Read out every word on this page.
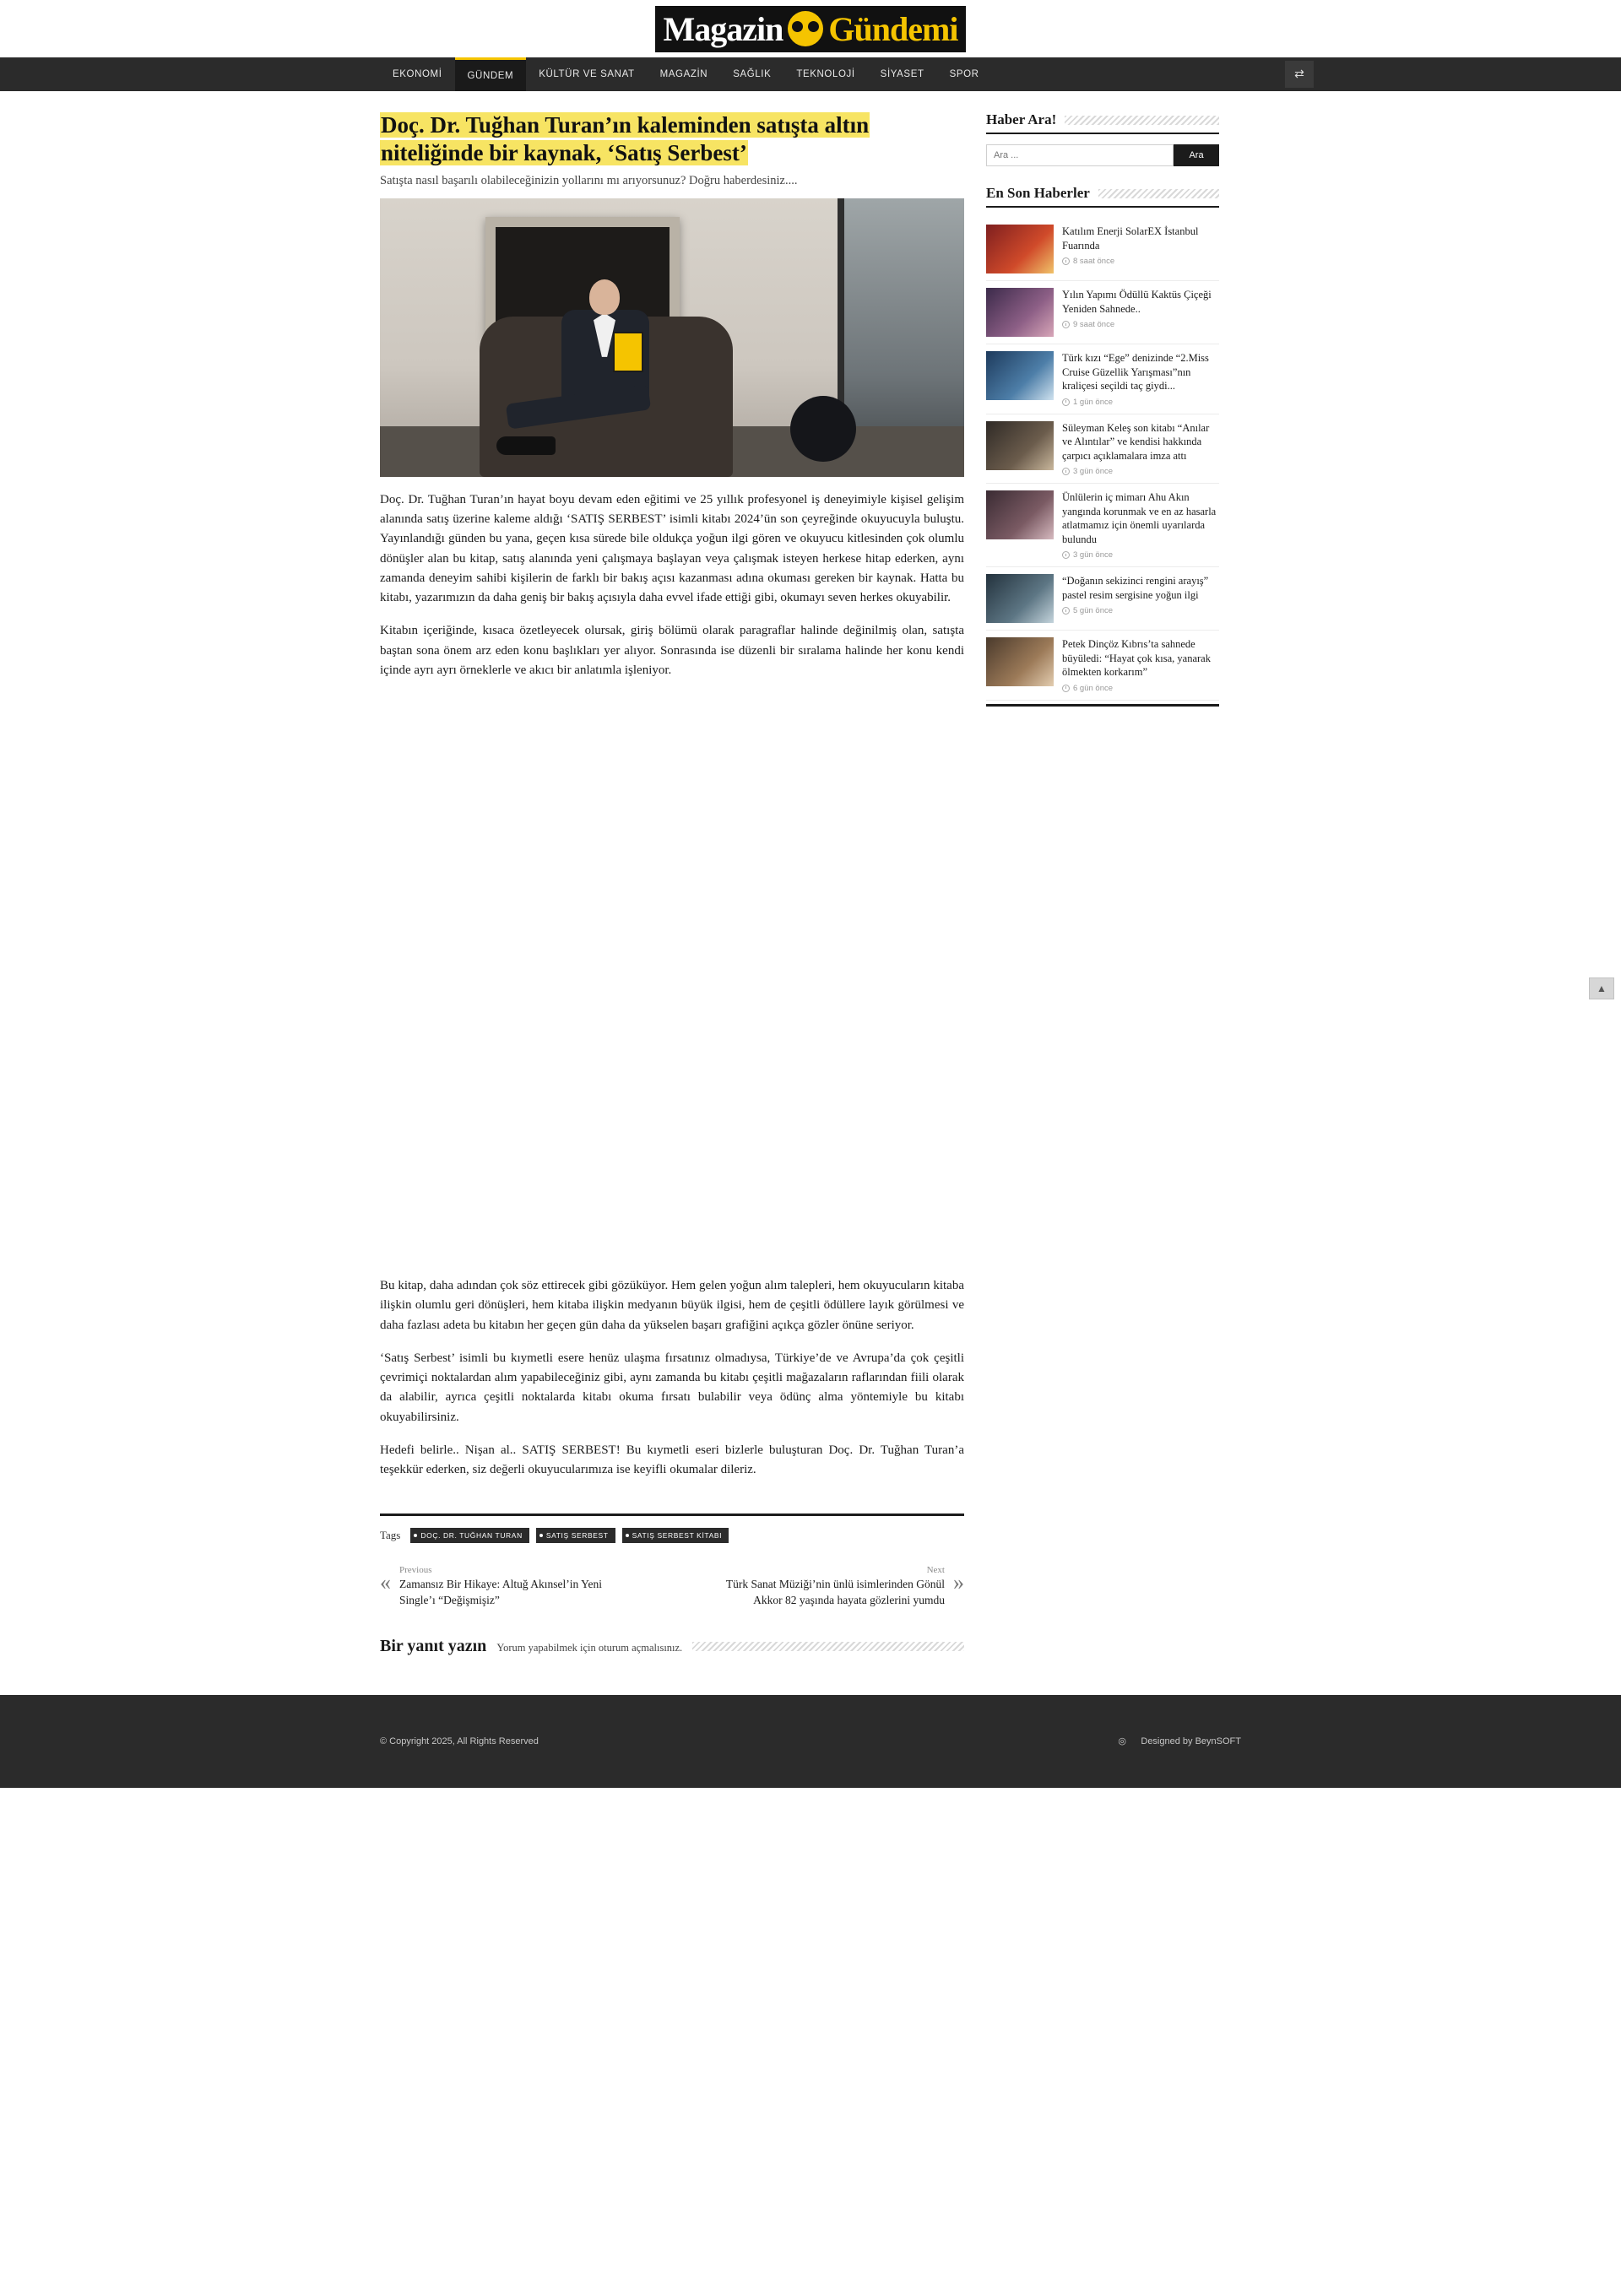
Magazin Gündemi
EKONOMİ	GÜNDEM	KÜLTÜR VE SANAT	MAGAZİN	SAĞLIK	TEKNOLOJİ	SİYASET	SPOR	⇄
Doç. Dr. Tuğhan Turan’ın kaleminden satışta altın
niteliğinde bir kaynak, ‘Satış Serbest’

Satışta nasıl başarılı olabileceğinizin yollarını mı arıyorsunuz? Doğru haberdesiniz....

Doç. Dr. Tuğhan Turan’ın hayat boyu devam eden eğitimi ve 25 yıllık profesyonel iş deneyimiyle kişisel gelişim alanında satış üzerine kaleme aldığı ‘SATIŞ SERBEST’ isimli kitabı 2024’ün son çeyreğinde okuyucuyla buluştu. Yayınlandığı günden bu yana, geçen kısa sürede bile oldukça yoğun ilgi gören ve okuyucu kitlesinden çok olumlu dönüşler alan bu kitap, satış alanında yeni çalışmaya başlayan veya çalışmak isteyen herkese hitap ederken, aynı zamanda deneyim sahibi kişilerin de farklı bir bakış açısı kazanması adına okuması gereken bir kaynak. Hatta bu kitabı, yazarımızın da daha geniş bir bakış açısıyla daha evvel ifade ettiği gibi, okumayı seven herkes okuyabilir.

Kitabın içeriğinde, kısaca özetleyecek olursak, giriş bölümü olarak paragraflar halinde değinilmiş olan, satışta baştan sona önem arz eden konu başlıkları yer alıyor. Sonrasında ise düzenli bir sıralama halinde her konu kendi içinde ayrı ayrı örneklerle ve akıcı bir anlatımla işleniyor.

Bu kitap, daha adından çok söz ettirecek gibi gözüküyor. Hem gelen yoğun alım talepleri, hem okuyucuların kitaba ilişkin olumlu geri dönüşleri, hem kitaba ilişkin medyanın büyük ilgisi, hem de çeşitli ödüllere layık görülmesi ve daha fazlası adeta bu kitabın her geçen gün daha da yükselen başarı grafiğini açıkça gözler önüne seriyor.

‘Satış Serbest’ isimli bu kıymetli esere henüz ulaşma fırsatınız olmadıysa, Türkiye’de ve Avrupa’da çok çeşitli çevrimiçi noktalardan alım yapabileceğiniz gibi, aynı zamanda bu kitabı çeşitli mağazaların raflarından fiili olarak da alabilir, ayrıca çeşitli noktalarda kitabı okuma fırsatı bulabilir veya ödünç alma yöntemiyle bu kitabı okuyabilirsiniz.

Hedefi belirle.. Nişan al.. SATIŞ SERBEST! Bu kıymetli eseri bizlerle buluşturan Doç. Dr. Tuğhan Turan’a teşekkür ederken, siz değerli okuyucularımıza ise keyifli okumalar dileriz.

Tags	DOÇ. DR. TUĞHAN TURAN	SATIŞ SERBEST	SATIŞ SERBEST KİTABI
« Previous
Zamansız Bir Hikaye: Altuğ Akınsel’in Yeni Single’ı “Değişmişiz”
»
Next
Türk Sanat Müziği’nin ünlü isimlerinden Gönül Akkor 82 yaşında hayata gözlerini yumdu
Bir yanıt yazın Yorum yapabilmek için oturum açmalısınız.
Haber Ara!
Ara ...
Ara
En Son Haberler

Katılım Enerji SolarEX İstanbul Fuarında

8 saat önce

Yılın Yapımı Ödüllü Kaktüs Çiçeği Yeniden Sahnede..

9 saat önce

Türk kızı “Ege” denizinde “2.Miss Cruise Güzellik Yarışması”nın kraliçesi seçildi taç giydi...

1 gün önce

Süleyman Keleş son kitabı “Anılar ve Alıntılar” ve kendisi hakkında çarpıcı açıklamalara imza attı

3 gün önce

Ünlülerin iç mimarı Ahu Akın yangında korunmak ve en az hasarla atlatmamız için önemli uyarılarda bulundu

3 gün önce

“Doğanın sekizinci rengini arayış” pastel resim sergisine yoğun ilgi

5 gün önce

Petek Dinçöz Kıbrıs’ta sahnede büyüledi: “Hayat çok kısa, yanarak ölmekten korkarım”

6 gün önce
▲
© Copyright 2025, All Rights Reserved	◎	Designed by BeynSOFT
